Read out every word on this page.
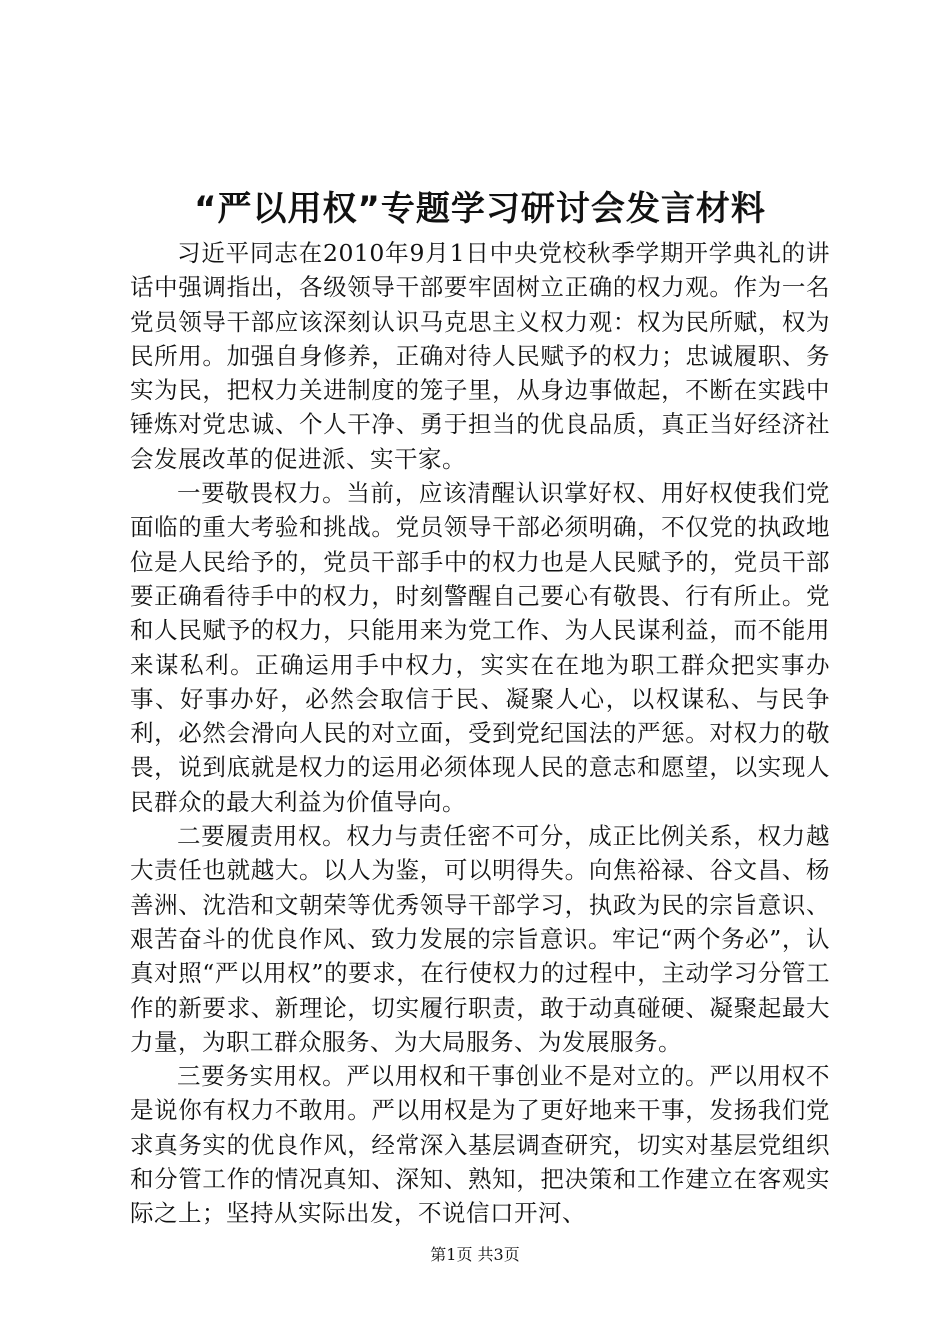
“严以用权”专题学习研讨会发言材料

习近平同志在2010年9月1日中央党校秋季学期开学典礼的讲话中强调指出，各级领导干部要牢固树立正确的权力观。作为一名党员领导干部应该深刻认识马克思主义权力观：权为民所赋，权为民所用。加强自身修养，正确对待人民赋予的权力；忠诚履职、务实为民，把权力关进制度的笼子里，从身边事做起，不断在实践中锤炼对党忠诚、个人干净、勇于担当的优良品质，真正当好经济社会发展改革的促进派、实干家。

一要敬畏权力。当前，应该清醒认识掌好权、用好权使我们党面临的重大考验和挑战。党员领导干部必须明确，不仅党的执政地位是人民给予的，党员干部手中的权力也是人民赋予的，党员干部要正确看待手中的权力，时刻警醒自己要心有敬畏、行有所止。党和人民赋予的权力，只能用来为党工作、为人民谋利益，而不能用来谋私利。正确运用手中权力，实实在在地为职工群众把实事办事、好事办好，必然会取信于民、凝聚人心，以权谋私、与民争利，必然会滑向人民的对立面，受到党纪国法的严惩。对权力的敬畏，说到底就是权力的运用必须体现人民的意志和愿望，以实现人民群众的最大利益为价值导向。

二要履责用权。权力与责任密不可分，成正比例关系，权力越大责任也就越大。以人为鉴，可以明得失。向焦裕禄、谷文昌、杨善洲、沈浩和文朝荣等优秀领导干部学习，执政为民的宗旨意识、艰苦奋斗的优良作风、致力发展的宗旨意识。牢记“两个务必”，认真对照“严以用权”的要求，在行使权力的过程中，主动学习分管工作的新要求、新理论，切实履行职责，敢于动真碰硬、凝聚起最大力量，为职工群众服务、为大局服务、为发展服务。

三要务实用权。严以用权和干事创业不是对立的。严以用权不是说你有权力不敢用。严以用权是为了更好地来干事，发扬我们党求真务实的优良作风，经常深入基层调查研究，切实对基层党组织和分管工作的情况真知、深知、熟知，把决策和工作建立在客观实际之上；坚持从实际出发，不说信口开河、

第1页 共3页
